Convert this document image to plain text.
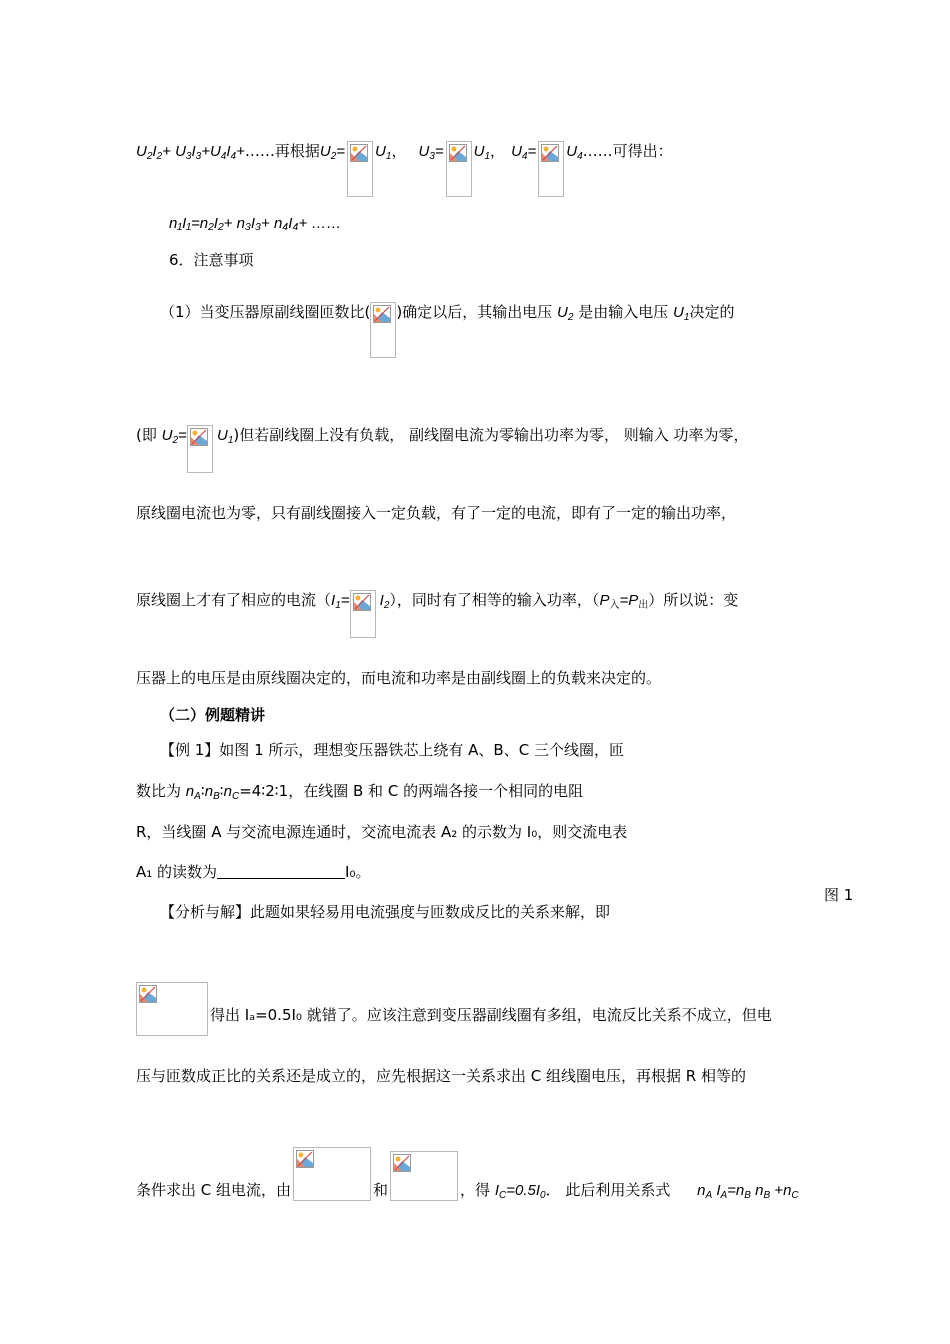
$U_2I_2+$ $U_3I_3+U_4I_4+\dots\dots$再根据$U_2= U_1$， $U_3= U_1$， $U_4=$ $U_4\dots\dots$可得出：
n₁I₁=n₂I₂+ n₃I₃+ n₄I₄+ ……
6．注意事项
（1）当变压器原副线圈匝数比( )确定以后，其输出电压 $U_2$ 是由输入电压 $U_1$决定的
(即 $U_2=$
$U_1$)但若副线圈上没有负载， 副线圈电流为零输出功率为零， 则输入 功率为零，
原线圈电流也为零，只有副线圈接入一定负载，有了一定的电流，即有了一定的输出功率，
原线圈上才有了相应的电流（$I_1=$
$I_2$），同时有了相等的输入功率，$(P_入=P_出)$所以说：变
压器上的电压是由原线圈决定的，而电流和功率是由副线圈上的负载来决定的。
（二）例题精讲
【例 1】如图 1 所示，理想变压器铁芯上绕有 A、B、C 三个线圈，匝
数比为 $n_A∶n_B∶n_C=4∶2∶1$，在线圈 B 和 C 的两端各接一个相同的电阻
R，当线圈 A 与交流电源连通时，交流电流表 A₂ 的示数为 I₀，则交流电表
A₁ 的读数为	I₀。
图 1
【分析与解】此题如果轻易用电流强度与匝数成反比的关系来解，即
得出 Iₐ=0.5I₀ 就错了。应该注意到变压器副线圈有多组，电流反比关系不成立，但电
压与匝数成正比的关系还是成立的，应先根据这一关系求出 C 组线圈电压，再根据 R 相等的
条件求出 C 组电流，由	和	，得 $I_C=0.5I_0$． 此后利用关系式 $n_A$ $I_A=n_B$ $n_B +n_C$
